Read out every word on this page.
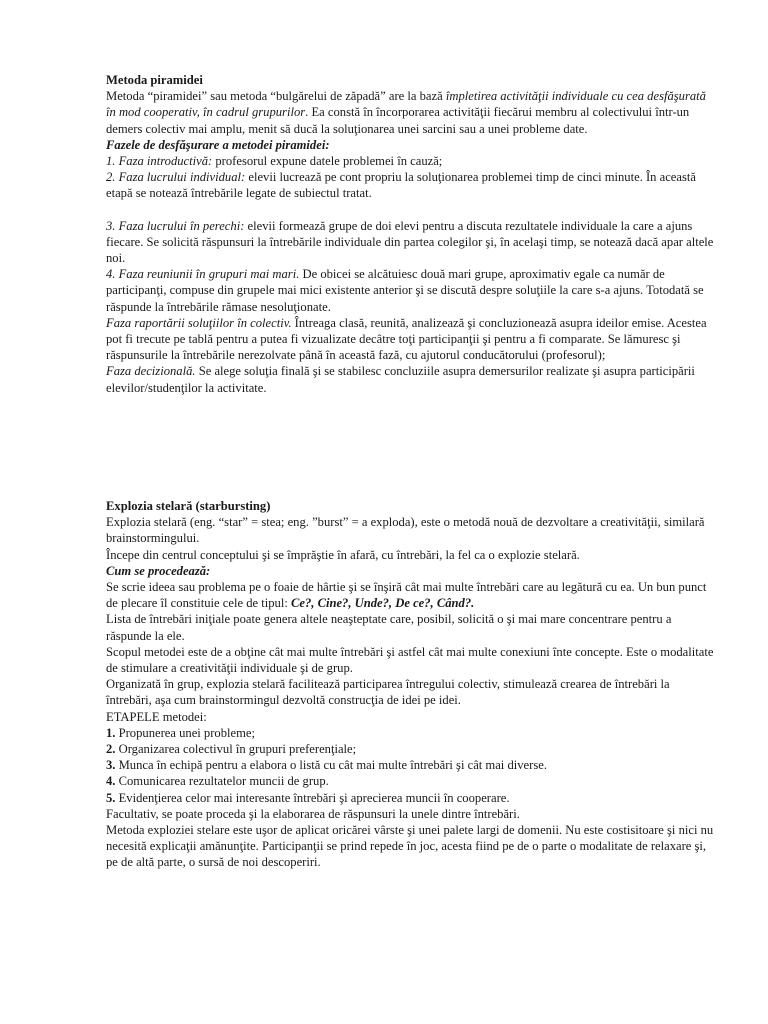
Metoda piramidei

Metoda “piramidei” sau metoda “bulgărelui de zăpadă” are la bază împletirea activităţii individuale cu cea desfăşurată în mod cooperativ, în cadrul grupurilor. Ea constă în încorporarea activităţii fiecărui membru al colectivului într-un demers colectiv mai amplu, menit să ducă la soluţionarea unei sarcini sau a unei probleme date.

Fazele de desfăşurare a metodei piramidei:

1. Faza introductivă: profesorul expune datele problemei în cauză;

2. Faza lucrului individual: elevii lucrează pe cont propriu la soluţionarea problemei timp de cinci minute. În această etapă se notează întrebările legate de subiectul tratat.

3. Faza lucrului în perechi: elevii formează grupe de doi elevi pentru a discuta rezultatele individuale la care a ajuns fiecare. Se solicită răspunsuri la întrebările individuale din partea colegilor şi, în acelaşi timp, se notează dacă apar altele noi.

4. Faza reuniunii în grupuri mai mari. De obicei se alcătuiesc două mari grupe, aproximativ egale ca număr de participanţi, compuse din grupele mai mici existente anterior şi se discută despre soluţiile la care s-a ajuns. Totodată se răspunde la întrebările rămase nesoluţionate.

Faza raportării soluţiilor în colectiv. Întreaga clasă, reunită, analizează şi concluzionează asupra ideilor emise. Acestea pot fi trecute pe tablă pentru a putea fi vizualizate decâtre toţi participanţii şi pentru a fi comparate. Se lămuresc şi răspunsurile la întrebările nerezolvate până în această fază, cu ajutorul conducătorului (profesorul);

Faza decizională. Se alege soluţia finală şi se stabilesc concluziile asupra demersurilor realizate şi asupra participării elevilor/studenţilor la activitate.

Explozia stelară (starbursting)

Explozia stelară (eng. “star” = stea; eng. ”burst” = a exploda), este o metodă nouă de dezvoltare a creativităţii, similară brainstormingului.

Începe din centrul conceptului şi se împrăştie în afară, cu întrebări, la fel ca o explozie stelară.

Cum se procedează:

Se scrie ideea sau problema pe o foaie de hârtie şi se înşiră cât mai multe întrebări care au legătură cu ea. Un bun punct de plecare îl constituie cele de tipul: Ce?, Cine?, Unde?, De ce?, Când?.

Lista de întrebări iniţiale poate genera altele neaşteptate care, posibil, solicită o şi mai mare concentrare pentru a răspunde la ele.

Scopul metodei este de a obţine cât mai multe întrebări şi astfel cât mai multe conexiuni înte concepte. Este o modalitate de stimulare a creativităţii individuale şi de grup.

Organizată în grup, explozia stelară facilitează participarea întregului colectiv, stimulează crearea de întrebări la întrebări, aşa cum brainstormingul dezvoltă construcţia de idei pe idei.

ETAPELE metodei:

1. Propunerea unei probleme;

2. Organizarea colectivul în grupuri preferenţiale;

3. Munca în echipă pentru a elabora o listă cu cât mai multe întrebări şi cât mai diverse.

4. Comunicarea rezultatelor muncii de grup.

5. Evidenţierea celor mai interesante întrebări şi aprecierea muncii în cooperare.

Facultativ, se poate proceda şi la elaborarea de răspunsuri la unele dintre întrebări.

Metoda exploziei stelare este uşor de aplicat oricărei vârste şi unei palete largi de domenii. Nu este costisitoare şi nici nu necesită explicaţii amănunţite. Participanţii se prind repede în joc, acesta fiind pe de o parte o modalitate de relaxare şi, pe de altă parte, o sursă de noi descoperiri.
